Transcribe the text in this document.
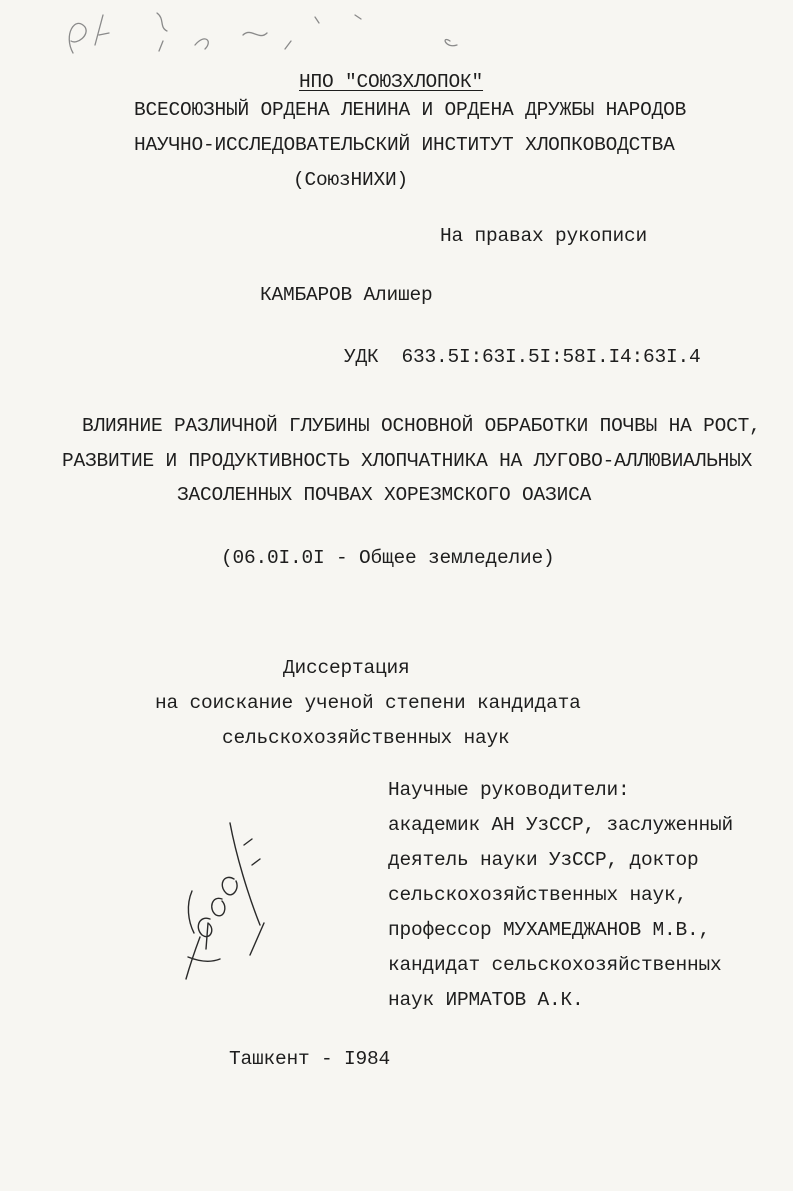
НПО "СОЮЗХЛОПОК"
ВСЕСОЮЗНЫЙ ОРДЕНА ЛЕНИНА И ОРДЕНА ДРУЖБЫ НАРОДОВ
НАУЧНО-ИССЛЕДОВАТЕЛЬСКИЙ ИНСТИТУТ ХЛОПКОВОДСТВА
(СоюзНИХИ)
На правах рукописи
КАМБАРОВ Алишер
УДК  633.5I:63I.5I:58I.I4:63I.4
ВЛИЯНИЕ РАЗЛИЧНОЙ ГЛУБИНЫ ОСНОВНОЙ ОБРАБОТКИ ПОЧВЫ НА РОСТ,
РАЗВИТИЕ И ПРОДУКТИВНОСТЬ ХЛОПЧАТНИКА НА ЛУГОВО-АЛЛЮВИАЛЬНЫХ
ЗАСОЛЕННЫХ ПОЧВАХ ХОРЕЗМСКОГО ОАЗИСА
(06.0I.0I - Общее земледелие)
Диссертация
на соискание ученой степени кандидата
сельскохозяйственных наук
Научные руководители:
академик АН УзССР, заслуженный
деятель науки УзССР, доктор
сельскохозяйственных наук,
профессор МУХАМЕДЖАНОВ М.В.,
кандидат сельскохозяйственных
наук ИРМАТОВ А.К.
Ташкент - I984
